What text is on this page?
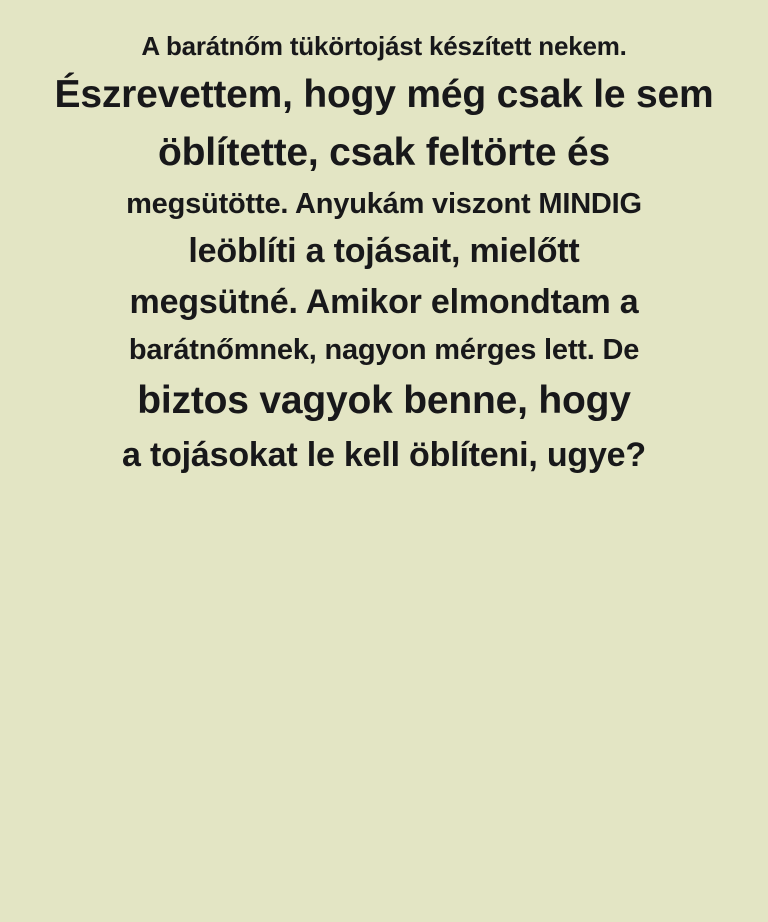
A barátnőm tükörtojást készített nekem.
Észrevettem, hogy még csak le sem
öblítette, csak feltörte és
megsütötte. Anyukám viszont MINDIG
leöblíti a tojásait, mielőtt
megsütné. Amikor elmondtam a
barátnőmnek, nagyon mérges lett. De
biztos vagyok benne, hogy
a tojásokat le kell öblíteni, ugye?
